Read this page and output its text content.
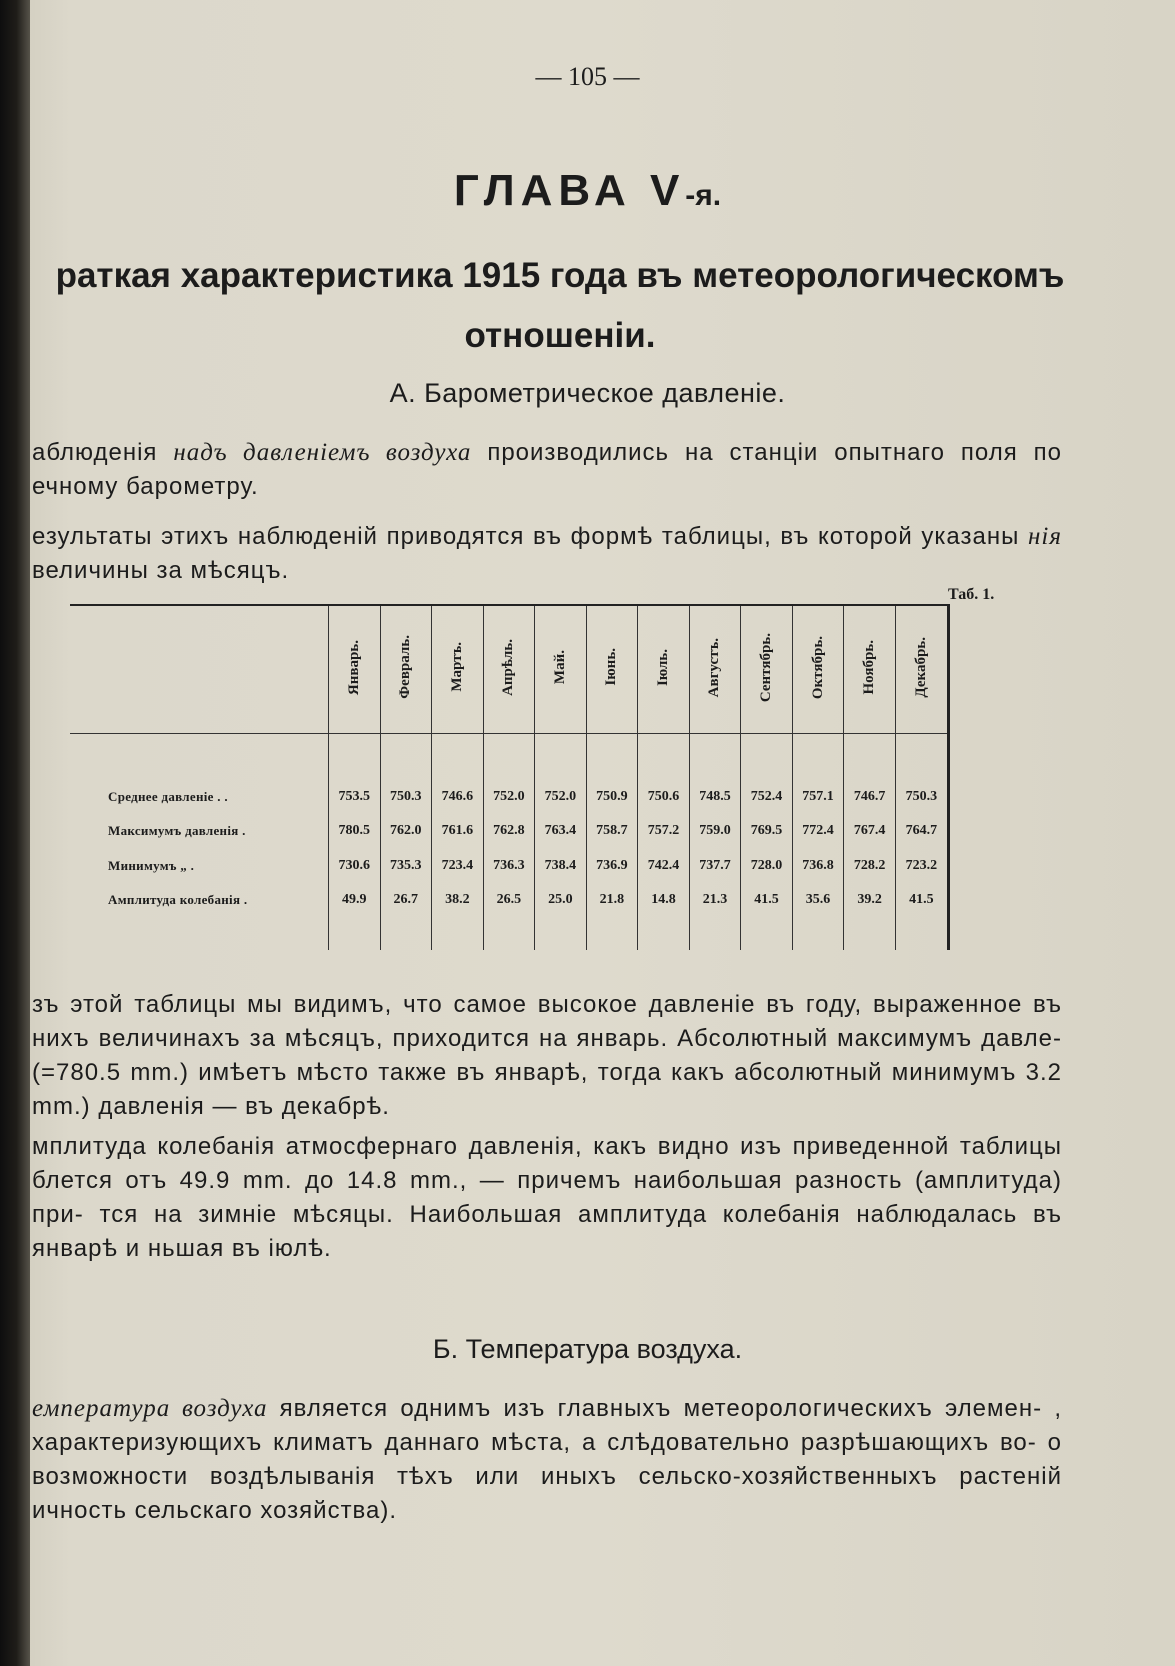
— 105 —
ГЛАВА V-я.
ратк​ая характеристика 1915 года въ метеорологическомъ отношенiи.
А. Барометрическое давленiе.
аблюденiя надъ давленiемъ воздуха производились на станцiи опытнаго поля по ечному барометру.
езультаты этихъ наблюденiй приводятся въ формѣ таблицы, въ которой указаны нiя величины за мѣсяцъ.
Таб. 1.
	Январь.	Февраль.	Мартъ.	Апрѣль.	Май.	Iюнь.	Iюль.	Августъ.	Сентябрь.	Октябрь.	Ноябрь.	Декабрь.

Среднее давленiе . .	753.5	750.3	746.6	752.0	752.0	750.9	750.6	748.5	752.4	757.1	746.7	750.3
Максимумъ давленiя .	780.5	762.0	761.6	762.8	763.4	758.7	757.2	759.0	769.5	772.4	767.4	764.7
Минимумъ „ .	730.6	735.3	723.4	736.3	738.4	736.9	742.4	737.7	728.0	736.8	728.2	723.2
Амплитуда колебанiя .	49.9	26.7	38.2	26.5	25.0	21.8	14.8	21.3	41.5	35.6	39.2	41.5

зъ этой таблицы мы видимъ, что самое высокое давленiе въ году, выраженное въ нихъ величинахъ за мѣсяцъ, приходится на январь. Абсолютный максимумъ давле- (=780.5 mm.) имѣетъ мѣсто также въ январѣ, тогда какъ абсолютный минимумъ 3.2 mm.) давленiя — въ декабрѣ.
мплитуда колебанiя атмосфернаго давленiя, какъ видно изъ приведенной таблицы блется отъ 49.9 mm. до 14.8 mm., — причемъ наибольшая разность (амплитуда) при- тся на зимнiе мѣсяцы. Наибольшая амплитуда колебанiя наблюдалась въ январѣ и ньшая въ iюлѣ.
Б. Температура воздуха.
емпература воздуха является однимъ изъ главныхъ метеорологическихъ элемен- , характеризующихъ климатъ даннаго мѣста, а слѣдовательно разрѣшающихъ во- о возможности воздѣлыванiя тѣхъ или иныхъ сельско-хозяйственныхъ растенiй ичность сельскаго хозяйства).
